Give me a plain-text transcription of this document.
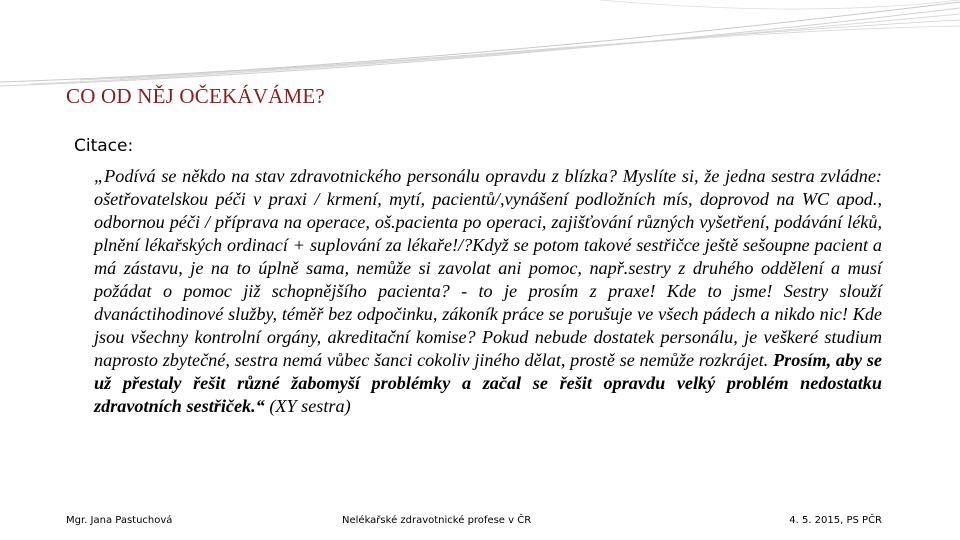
CO OD NĚJ OČEKÁVÁME?
Citace:
„Podívá se někdo na stav zdravotnického personálu opravdu z blízka? Myslíte si, že jedna sestra zvládne: ošetřovatelskou péči v praxi / krmení, mytí, pacientů/,vynášení podložních mís, doprovod na WC apod., odbornou péči / příprava na operace, oš.pacienta po operaci, zajišťování různých vyšetření, podávání léků, plnění lékařských ordinací + suplování za lékaře!/?Když se potom takové sestřičce ještě sešoupne pacient a má zástavu, je na to úplně sama, nemůže si zavolat ani pomoc, např.sestry z druhého oddělení a musí požádat o pomoc již schopnějšího pacienta? - to je prosím z praxe! Kde to jsme! Sestry slouží dvanáctihodinové služby, téměř bez odpočinku, zákoník práce se porušuje ve všech pádech a nikdo nic! Kde jsou všechny kontrolní orgány, akreditační komise? Pokud nebude dostatek personálu, je veškeré studium naprosto zbytečné, sestra nemá vůbec šanci cokoliv jiného dělat, prostě se nemůže rozkrájet. Prosím, aby se už přestaly řešit různé žabomyší problémky a začal se řešit opravdu velký problém nedostatku zdravotních sestřiček.“ (XY sestra)
Mgr. Jana Pastuchová	Nelékařské zdravotnické profese v ČR	4. 5. 2015, PS PČR
